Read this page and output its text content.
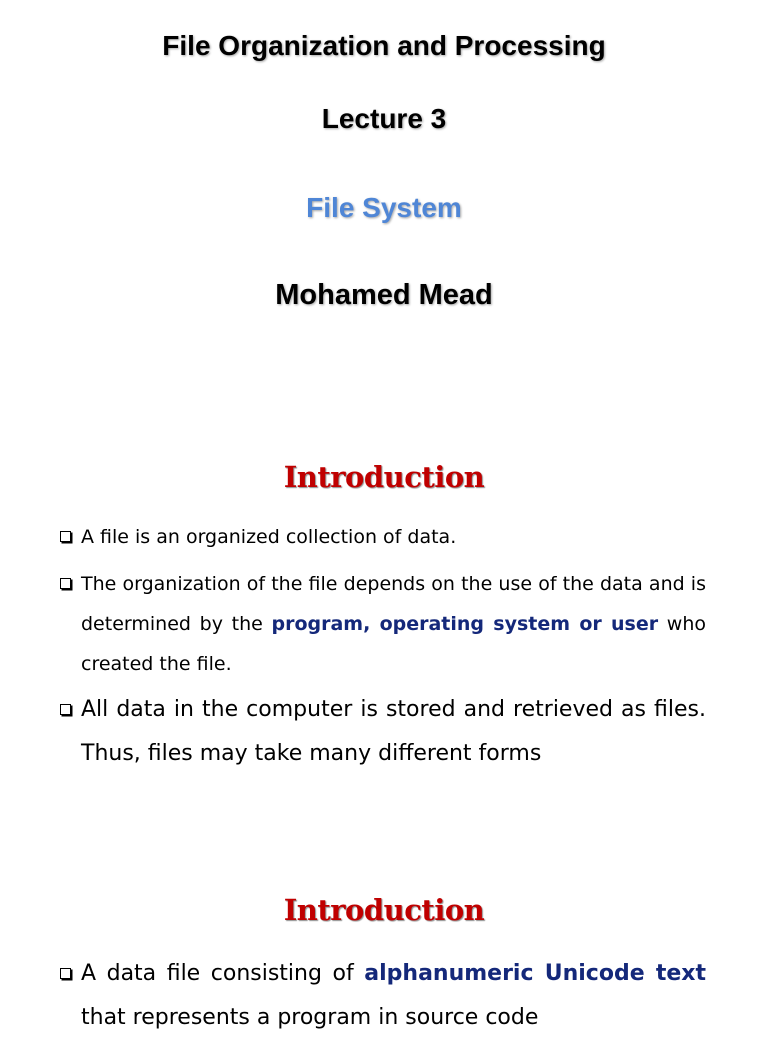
File Organization and Processing
Lecture 3
File System
Mohamed Mead
Introduction
A file is an organized collection of data.
The organization of the file depends on the use of the data and is determined by the program, operating system or user who created the file.
All data in the computer is stored and retrieved as files. Thus, files may take many different forms
Introduction
A data file consisting of alphanumeric Unicode text that represents a program in source code
